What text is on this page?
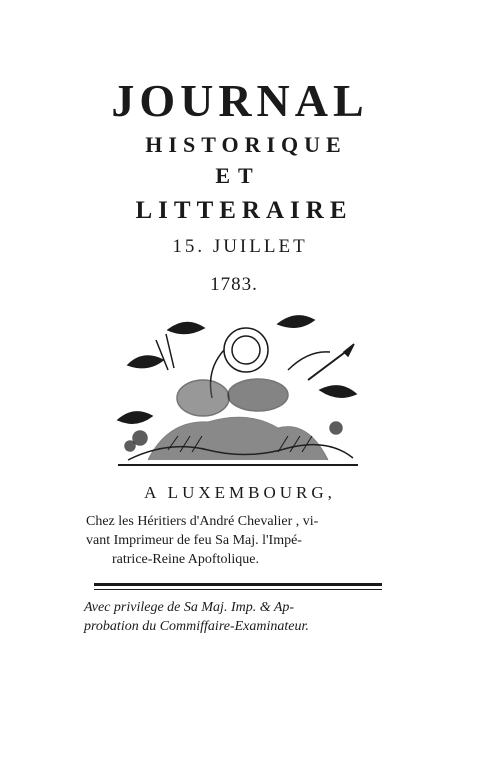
JOURNAL
HISTORIQUE
ET
LITTERAIRE
15. JUILLET
1783.
A LUXEMBOURG,
Chez les Héritiers d'André Chevalier , vi-
vant Imprimeur de feu Sa Maj. l'Impé-
ratrice-Reine Apoftolique.
Avec privilege de Sa Maj. Imp. & Ap-
probation du Commiffaire-Examinateur.
